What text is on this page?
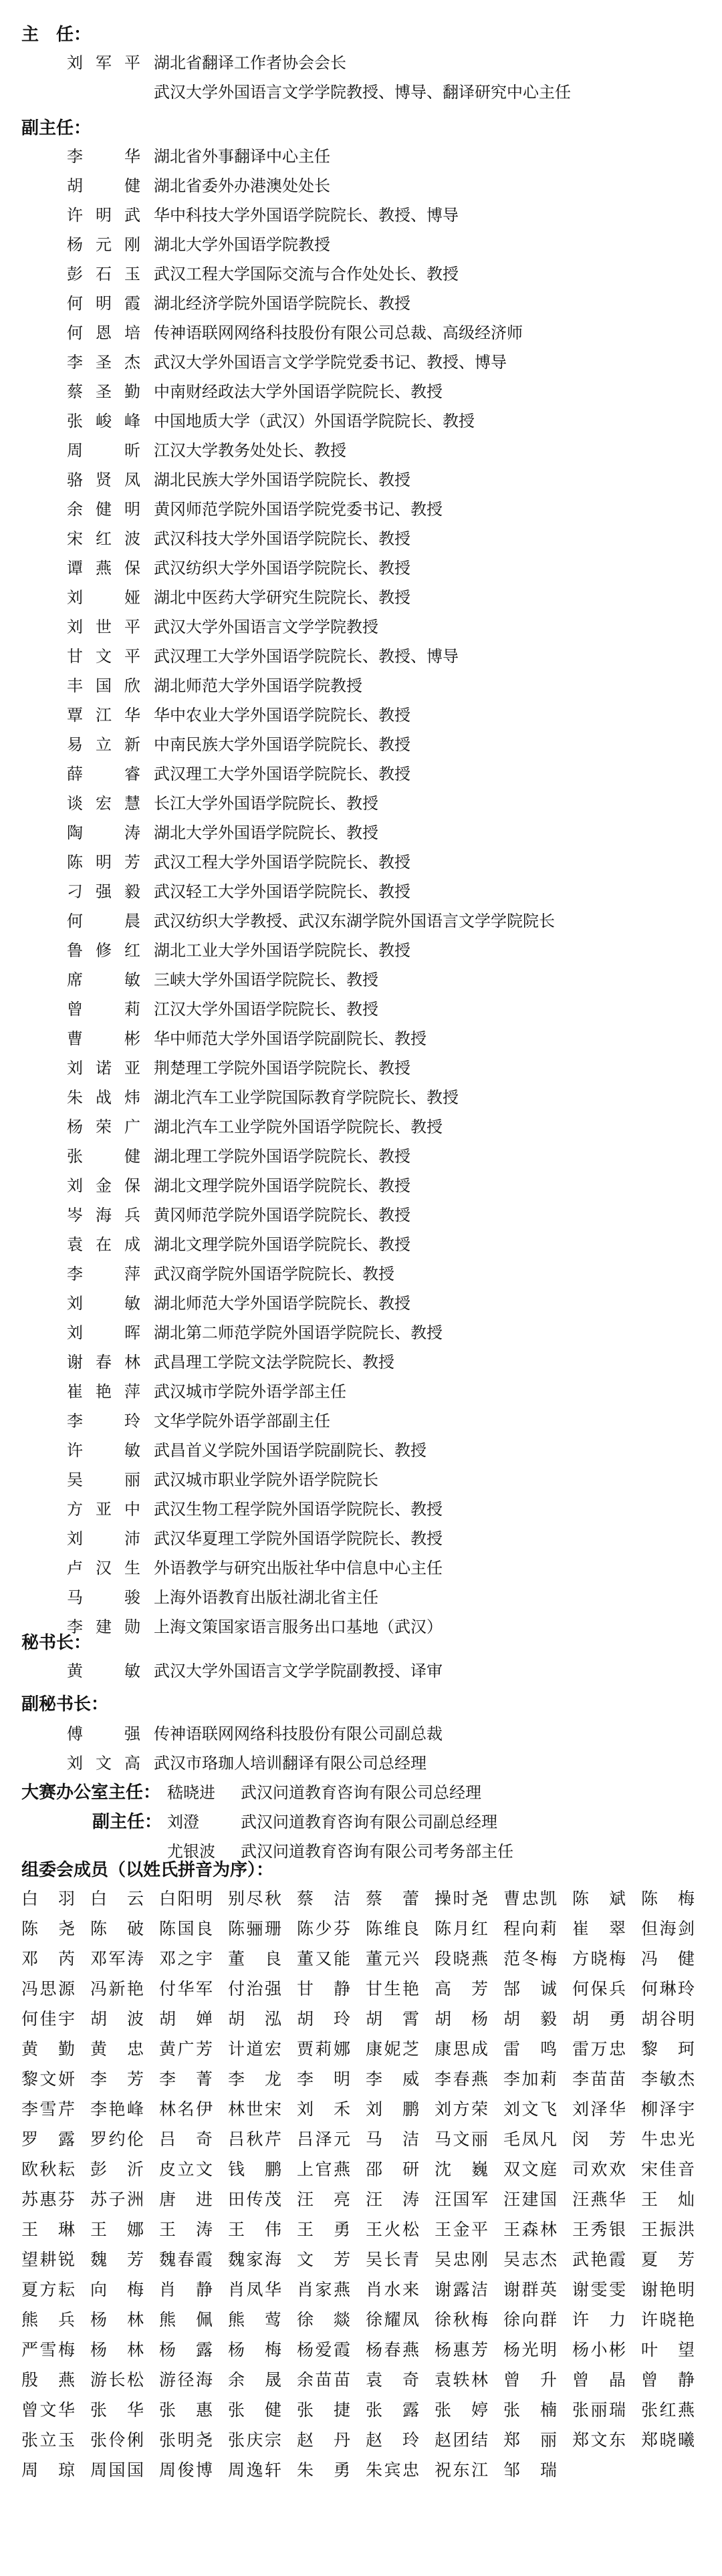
主　任：
刘军平 湖北省翻译工作者协会会长
武汉大学外国语言文学学院教授、博导、翻译研究中心主任
副主任：
李华 湖北省外事翻译中心主任
胡健 湖北省委外办港澳处处长
许明武 华中科技大学外国语学院院长、教授、博导
杨元刚 湖北大学外国语学院教授
彭石玉 武汉工程大学国际交流与合作处处长、教授
何明霞 湖北经济学院外国语学院院长、教授
何恩培 传神语联网网络科技股份有限公司总裁、高级经济师
李圣杰 武汉大学外国语言文学学院党委书记、教授、博导
蔡圣勤 中南财经政法大学外国语学院院长、教授
张峻峰 中国地质大学（武汉）外国语学院院长、教授
周昕 江汉大学教务处处长、教授
骆贤凤 湖北民族大学外国语学院院长、教授
余健明 黄冈师范学院外国语学院党委书记、教授
宋红波 武汉科技大学外国语学院院长、教授
谭燕保 武汉纺织大学外国语学院院长、教授
刘娅 湖北中医药大学研究生院院长、教授
刘世平 武汉大学外国语言文学学院教授
甘文平 武汉理工大学外国语学院院长、教授、博导
丰国欣 湖北师范大学外国语学院教授
覃江华 华中农业大学外国语学院院长、教授
易立新 中南民族大学外国语学院院长、教授
薛睿 武汉理工大学外国语学院院长、教授
谈宏慧 长江大学外国语学院院长、教授
陶涛 湖北大学外国语学院院长、教授
陈明芳 武汉工程大学外国语学院院长、教授
刁强毅 武汉轻工大学外国语学院院长、教授
何晨 武汉纺织大学教授、武汉东湖学院外国语言文学学院院长
鲁修红 湖北工业大学外国语学院院长、教授
席敏 三峡大学外国语学院院长、教授
曾莉 江汉大学外国语学院院长、教授
曹彬 华中师范大学外国语学院副院长、教授
刘诺亚 荆楚理工学院外国语学院院长、教授
朱战炜 湖北汽车工业学院国际教育学院院长、教授
杨荣广 湖北汽车工业学院外国语学院院长、教授
张健 湖北理工学院外国语学院院长、教授
刘金保 湖北文理学院外国语学院院长、教授
岑海兵 黄冈师范学院外国语学院院长、教授
袁在成 湖北文理学院外国语学院院长、教授
李萍 武汉商学院外国语学院院长、教授
刘敏 湖北师范大学外国语学院院长、教授
刘晖 湖北第二师范学院外国语学院院长、教授
谢春林 武昌理工学院文法学院院长、教授
崔艳萍 武汉城市学院外语学部主任
李玲 文华学院外语学部副主任
许敏 武昌首义学院外国语学院副院长、教授
吴丽 武汉城市职业学院外语学院院长
方亚中 武汉生物工程学院外国语学院院长、教授
刘沛 武汉华夏理工学院外国语学院院长、教授
卢汉生 外语教学与研究出版社华中信息中心主任
马骏 上海外语教育出版社湖北省主任
李建勋 上海文策国家语言服务出口基地（武汉）
秘书长：
黄敏 武汉大学外国语言文学学院副教授、译审
副秘书长：
傅强 传神语联网网络科技股份有限公司副总裁
刘文高 武汉市珞珈人培训翻译有限公司总经理
大赛办公室主任： 嵇晓进	武汉问道教育咨询有限公司总经理
副主任： 刘澄	武汉问道教育咨询有限公司副总经理
尤银波 武汉问道教育咨询有限公司考务部主任
组委会成员（以姓氏拼音为序）：
白羽 白云 白阳明 别尽秋 蔡洁 蔡蕾 操时尧 曹忠凯 陈斌 陈梅
陈尧 陈破 陈国良 陈骊珊 陈少芬 陈维良 陈月红 程向莉 崔翠 但海剑
邓芮 邓军涛 邓之宇 董良 董又能 董元兴 段晓燕 范冬梅 方晓梅 冯健
冯思源 冯新艳 付华军 付治强 甘静 甘生艳 高芳 郜诚 何保兵 何琳玲
何佳宇 胡波 胡婵 胡泓 胡玲 胡霄 胡杨 胡毅 胡勇 胡谷明
黄勤 黄忠 黄广芳 计道宏 贾莉娜 康妮芝 康思成 雷鸣 雷万忠 黎珂
黎文妍 李芳 李菁 李龙 李明 李威 李春燕 李加莉 李苗苗 李敏杰
李雪芹 李艳峰 林名伊 林世宋 刘禾 刘鹏 刘方荣 刘文飞 刘泽华 柳泽宇
罗露 罗约伦 吕奇 吕秋芹 吕泽元 马洁 马文丽 毛凤凡 闵芳 牛忠光
欧秋耘 彭沂 皮立文 钱鹏 上官燕 邵研 沈巍 双文庭 司欢欢 宋佳音
苏惠芬 苏子洲 唐进 田传茂 汪亮 汪涛 汪国军 汪建国 汪燕华 王灿
王琳 王娜 王涛 王伟 王勇 王火松 王金平 王森林 王秀银 王振洪
望耕锐 魏芳 魏春霞 魏家海 文芳 吴长青 吴忠刚 吴志杰 武艳霞 夏芳
夏方耘 向梅 肖静 肖凤华 肖家燕 肖水来 谢露洁 谢群英 谢雯雯 谢艳明
熊兵 杨林 熊佩 熊莺 徐燚 徐耀凤 徐秋梅 徐向群 许力 许晓艳
严雪梅 杨林 杨露 杨梅 杨爱霞 杨春燕 杨惠芳 杨光明 杨小彬 叶望
殷燕 游长松 游径海 余晟 余苗苗 袁奇 袁轶林 曾升 曾晶 曾静
曾文华 张华 张惠 张健 张捷 张露 张婷 张楠 张丽瑞 张红燕
张立玉 张伶俐 张明尧 张庆宗 赵丹 赵玲 赵团结 郑丽 郑文东 郑晓曦
周琼 周国国 周俊博 周逸轩 朱勇 朱宾忠 祝东江 邹瑞
